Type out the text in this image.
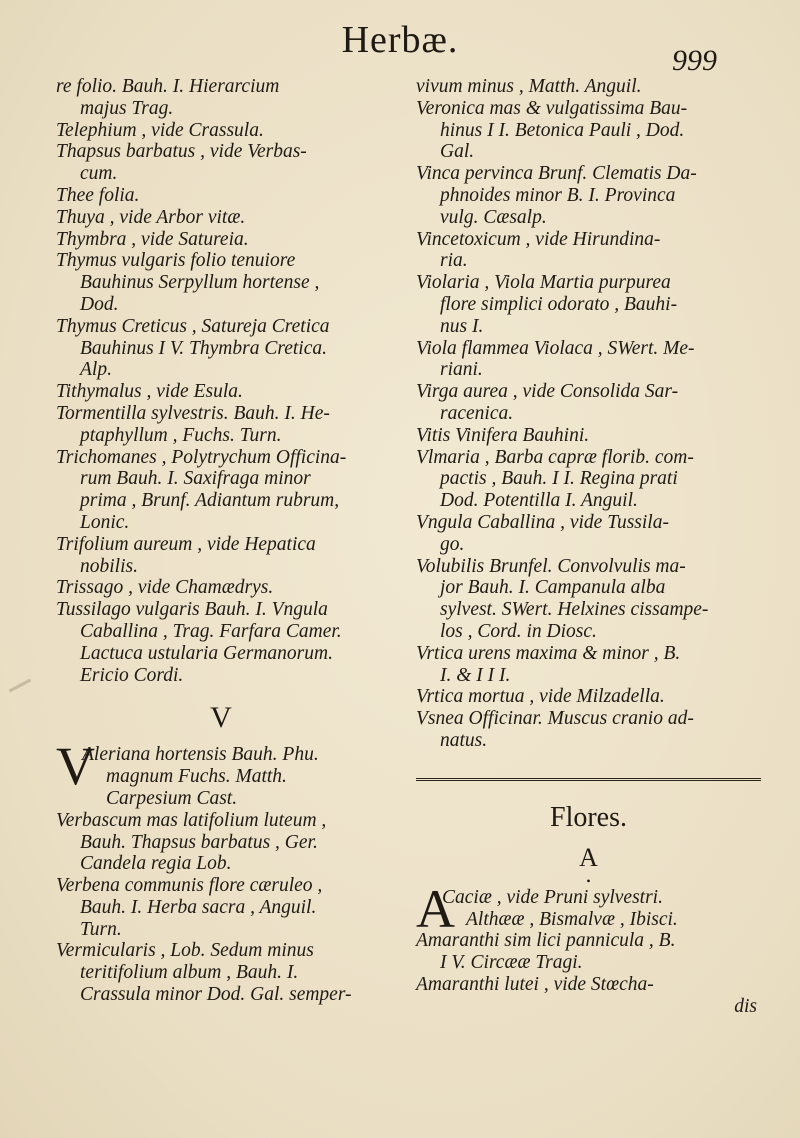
Herbæ.	999
re folio. Bauh. I. Hierarcium
majus Trag.
Telephium , vide Crassula.
Thapsus barbatus , vide Verbas-
cum.
Thee folia.
Thuya , vide Arbor vitæ.
Thymbra , vide Satureia.
Thymus vulgaris folio tenuiore
Bauhinus Serpyllum hortense ,
Dod.
Thymus Creticus , Satureja Cretica
Bauhinus I V. Thymbra Cretica.
Alp.
Tithymalus , vide Esula.
Tormentilla sylvestris. Bauh. I. He-
ptaphyllum , Fuchs. Turn.
Trichomanes , Polytrychum Officina-
rum Bauh. I. Saxifraga minor
prima , Brunf. Adiantum rubrum,
Lonic.
Trifolium aureum , vide Hepatica
nobilis.
Trissago , vide Chamædrys.
Tussilago vulgaris Bauh. I. Vngula
Caballina , Trag. Farfara Camer.
Lactuca ustularia Germanorum.
Ericio Cordi.
V
V
Aleriana hortensis Bauh. Phu.
magnum Fuchs. Matth.
Carpesium Cast.
Verbascum mas latifolium luteum ,
Bauh. Thapsus barbatus , Ger.
Candela regia Lob.
Verbena communis flore cæruleo ,
Bauh. I. Herba sacra , Anguil.
Turn.
Vermicularis , Lob. Sedum minus
teritifolium album , Bauh. I.
Crassula minor Dod. Gal. semper-
vivum minus , Matth. Anguil.
Veronica mas & vulgatissima Bau-
hinus I I. Betonica Pauli , Dod.
Gal.
Vinca pervinca Brunf. Clematis Da-
phnoides minor B. I. Provinca
vulg. Cæsalp.
Vincetoxicum , vide Hirundina-
ria.
Violaria , Viola Martia purpurea
flore simplici odorato , Bauhi-
nus I.
Viola flammea Violaca , SWert. Me-
riani.
Virga aurea , vide Consolida Sar-
racenica.
Vitis Vinifera Bauhini.
Vlmaria , Barba capræ florib. com-
pactis , Bauh. I I. Regina prati
Dod. Potentilla I. Anguil.
Vngula Caballina , vide Tussila-
go.
Volubilis Brunfel. Convolvulis ma-
jor Bauh. I. Campanula alba
sylvest. SWert. Helxines cissampe-
los , Cord. in Diosc.
Vrtica urens maxima & minor , B.
I. & I I I.
Vrtica mortua , vide Milzadella.
Vsnea Officinar. Muscus cranio ad-
natus.
Flores.
A
•
A
Caciæ , vide Pruni sylvestri.
Althææ , Bismalvæ , Ibisci.
Amaranthi sim lici pannicula , B.
I V. Circææ Tragi.
Amaranthi lutei , vide Stœcha-
dis
